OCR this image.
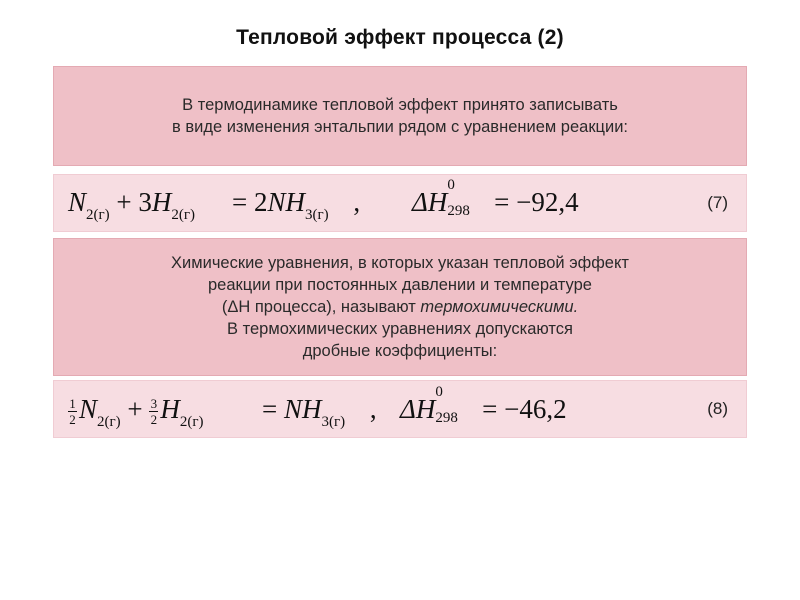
Тепловой эффект процесса (2)
В термодинамике тепловой эффект принято записывать
в виде изменения энтальпии рядом с уравнением реакции:
$N_{2(г)} + 3H_{2(г)} = 2NH_{3(г)}$ , ΔH
0
298 = −92,4	(7)
Химические уравнения, в которых указан тепловой эффект
реакции при постоянных давлении и температуре
(ΔH процесса), называют термохимическими.
В термохимических уравнениях допускаются
дробные коэффициенты:
$\frac{1}{2} N_{2(г)} + \frac{3}{2} H_{2(г)} = NH_{3(г)}$ , ΔH
0
298 = −46,2	(8)
